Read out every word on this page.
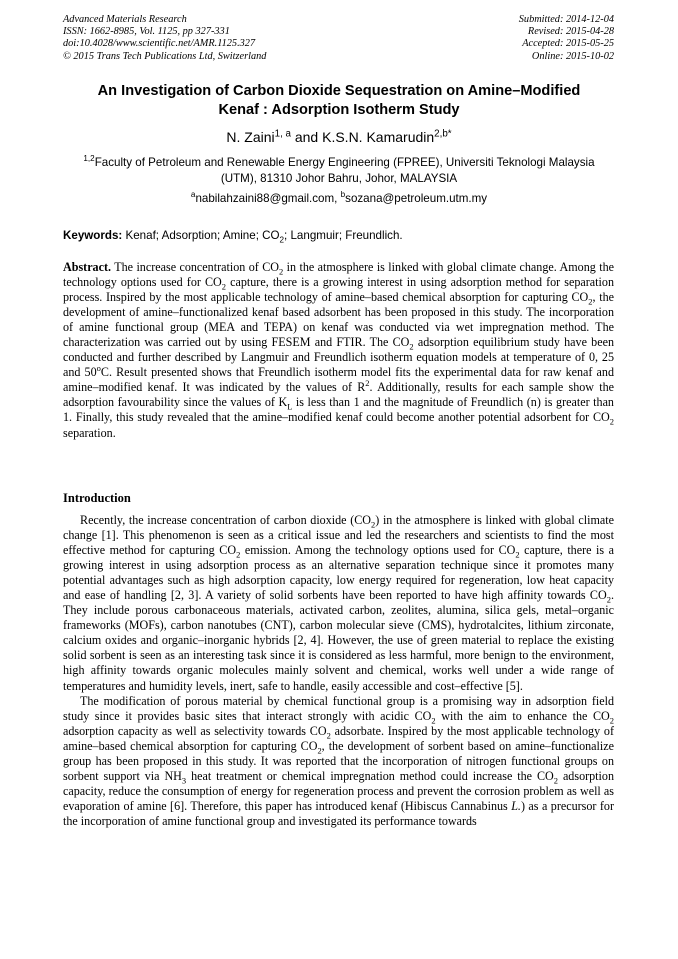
Advanced Materials Research
ISSN: 1662-8985, Vol. 1125, pp 327-331
doi:10.4028/www.scientific.net/AMR.1125.327
© 2015 Trans Tech Publications Ltd, Switzerland
Submitted: 2014-12-04
Revised: 2015-04-28
Accepted: 2015-05-25
Online: 2015-10-02
An Investigation of Carbon Dioxide Sequestration on Amine–Modified
Kenaf : Adsorption Isotherm Study
N. Zaini$^{1, a}$ and K.S.N. Kamarudin$^{2,b*}$
$^{1,2}$Faculty of Petroleum and Renewable Energy Engineering (FPREE), Universiti Teknologi Malaysia (UTM), 81310 Johor Bahru, Johor, MALAYSIA
$^a$nabilahzaini88@gmail.com, $^b$sozana@petroleum.utm.my
Keywords: Kenaf; Adsorption; Amine; $CO_2$; Langmuir; Freundlich.
Abstract. The increase concentration of $CO_2$ in the atmosphere is linked with global climate change. Among the technology options used for $CO_2$ capture, there is a growing interest in using adsorption method for separation process. Inspired by the most applicable technology of amine–based chemical absorption for capturing $CO_2$, the development of amine–functionalized kenaf based adsorbent has been proposed in this study. The incorporation of amine functional group (MEA and TEPA) on kenaf was conducted via wet impregnation method. The characterization was carried out by using FESEM and FTIR. The $CO_2$ adsorption equilibrium study have been conducted and further described by Langmuir and Freundlich isotherm equation models at temperature of 0, 25 and 50$^o$C. Result presented shows that Freundlich isotherm model fits the experimental data for raw kenaf and amine–modified kenaf. It was indicated by the values of $R^2$. Additionally, results for each sample show the adsorption favourability since the values of $K_L$ is less than 1 and the magnitude of Freundlich (n) is greater than 1. Finally, this study revealed that the amine–modified kenaf could become another potential adsorbent for $CO_2$ separation.
Introduction

Recently, the increase concentration of carbon dioxide $(CO_2)$ in the atmosphere is linked with global climate change [1]. This phenomenon is seen as a critical issue and led the researchers and scientists to find the most effective method for capturing $CO_2$ emission. Among the technology options used for $CO_2$ capture, there is a growing interest in using adsorption process as an alternative separation technique since it promotes many potential advantages such as high adsorption capacity, low energy required for regeneration, low heat capacity and ease of handling [2, 3]. A variety of solid sorbents have been reported to have high affinity towards $CO_2$. They include porous carbonaceous materials, activated carbon, zeolites, alumina, silica gels, metal–organic frameworks (MOFs), carbon nanotubes (CNT), carbon molecular sieve (CMS), hydrotalcites, lithium zirconate, calcium oxides and organic–inorganic hybrids [2, 4]. However, the use of green material to replace the existing solid sorbent is seen as an interesting task since it is considered as less harmful, more benign to the environment, high affinity towards organic molecules mainly solvent and chemical, works well under a wide range of temperatures and humidity levels, inert, safe to handle, easily accessible and cost–effective [5].

The modification of porous material by chemical functional group is a promising way in adsorption field study since it provides basic sites that interact strongly with acidic $CO_2$ with the aim to enhance the $CO_2$ adsorption capacity as well as selectivity towards $CO_2$ adsorbate. Inspired by the most applicable technology of amine–based chemical absorption for capturing $CO_2$, the development of sorbent based on amine–functionalize group has been proposed in this study. It was reported that the incorporation of nitrogen functional groups on sorbent support via $NH_3$ heat treatment or chemical impregnation method could increase the $CO_2$ adsorption capacity, reduce the consumption of energy for regeneration process and prevent the corrosion problem as well as evaporation of amine [6]. Therefore, this paper has introduced kenaf (Hibiscus Cannabinus L.) as a precursor for the incorporation of amine functional group and investigated its performance towards
